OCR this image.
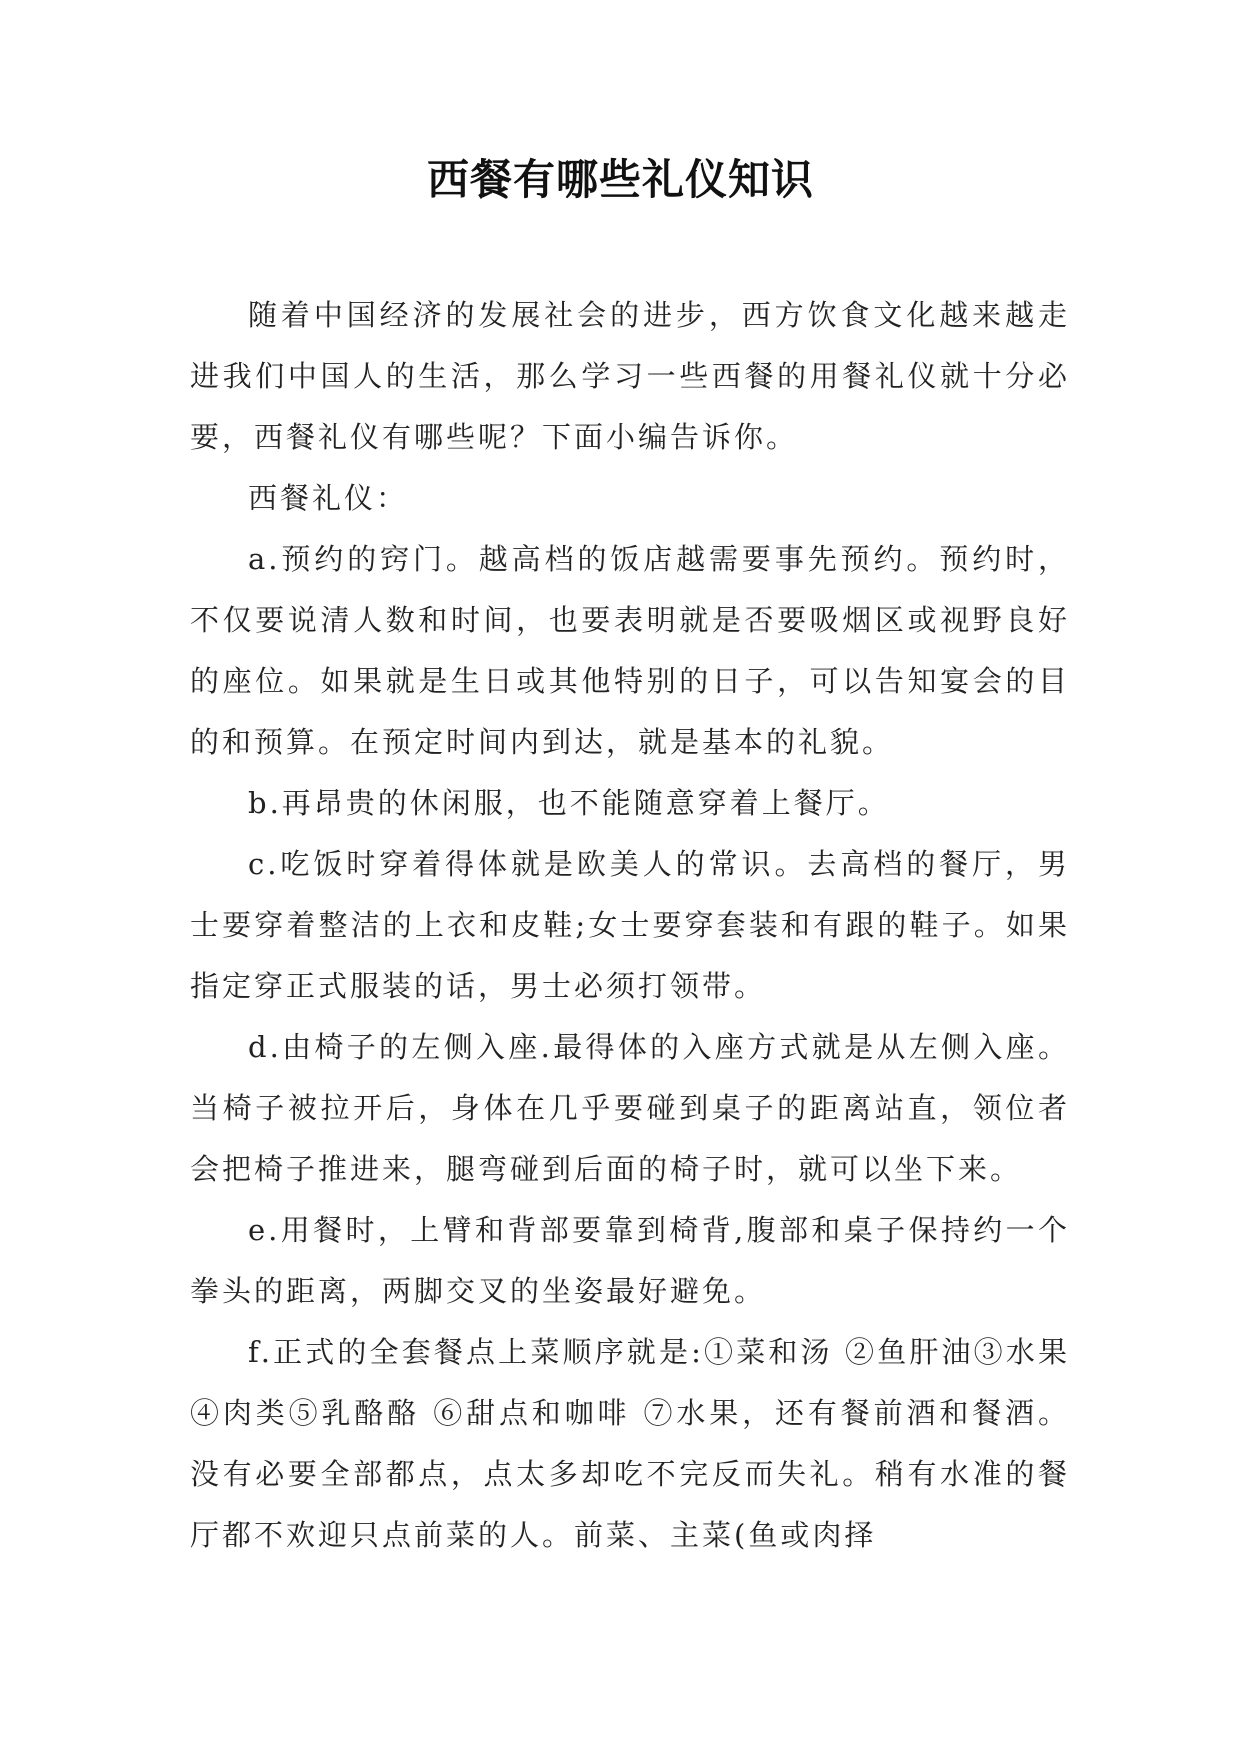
西餐有哪些礼仪知识

随着中国经济的发展社会的进步，西方饮食文化越来越走进我们中国人的生活，那么学习一些西餐的用餐礼仪就十分必要，西餐礼仪有哪些呢？下面小编告诉你。

西餐礼仪：

a.预约的窍门。越高档的饭店越需要事先预约。预约时，不仅要说清人数和时间，也要表明就是否要吸烟区或视野良好的座位。如果就是生日或其他特别的日子，可以告知宴会的目的和预算。在预定时间内到达，就是基本的礼貌。

b.再昂贵的休闲服，也不能随意穿着上餐厅。

c.吃饭时穿着得体就是欧美人的常识。去高档的餐厅，男士要穿着整洁的上衣和皮鞋;女士要穿套装和有跟的鞋子。如果指定穿正式服装的话，男士必须打领带。

d.由椅子的左侧入座.最得体的入座方式就是从左侧入座。当椅子被拉开后，身体在几乎要碰到桌子的距离站直，领位者会把椅子推进来，腿弯碰到后面的椅子时，就可以坐下来。

e.用餐时，上臂和背部要靠到椅背,腹部和桌子保持约一个拳头的距离，两脚交叉的坐姿最好避免。

f.正式的全套餐点上菜顺序就是:①菜和汤 ②鱼肝油③水果④肉类⑤乳酪酪 ⑥甜点和咖啡 ⑦水果，还有餐前酒和餐酒。没有必要全部都点，点太多却吃不完反而失礼。稍有水准的餐厅都不欢迎只点前菜的人。前菜、主菜(鱼或肉择
